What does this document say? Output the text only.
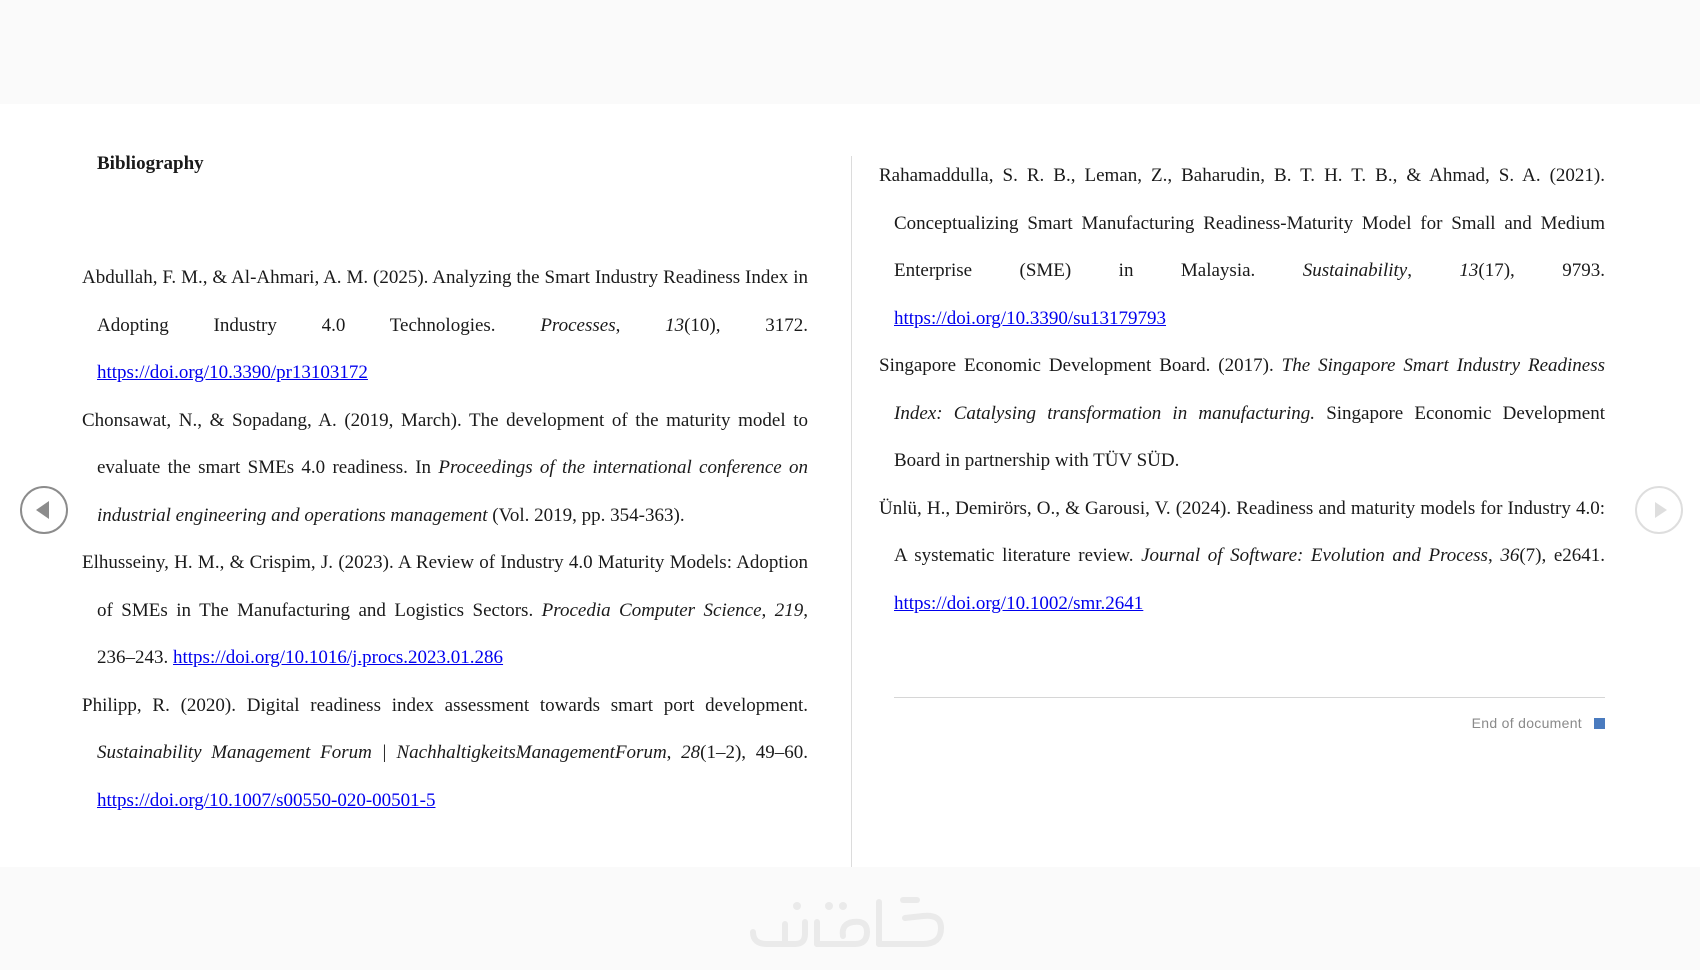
Bibliography

Abdullah, F. M., & Al-Ahmari, A. M. (2025). Analyzing the Smart Industry Readiness Index in Adopting Industry 4.0 Technologies. Processes, 13(10), 3172. https://doi.org/10.3390/pr13103172

Chonsawat, N., & Sopadang, A. (2019, March). The development of the maturity model to evaluate the smart SMEs 4.0 readiness. In Proceedings of the international conference on industrial engineering and operations management (Vol. 2019, pp. 354-363).

Elhusseiny, H. M., & Crispim, J. (2023). A Review of Industry 4.0 Maturity Models: Adoption of SMEs in The Manufacturing and Logistics Sectors. Procedia Computer Science, 219, 236–243. https://doi.org/10.1016/j.procs.2023.01.286

Philipp, R. (2020). Digital readiness index assessment towards smart port development. Sustainability Management Forum | NachhaltigkeitsManagementForum, 28(1–2), 49–60. https://doi.org/10.1007/s00550-020-00501-5

Rahamaddulla, S. R. B., Leman, Z., Baharudin, B. T. H. T. B., & Ahmad, S. A. (2021). Conceptualizing Smart Manufacturing Readiness-Maturity Model for Small and Medium Enterprise (SME) in Malaysia. Sustainability, 13(17), 9793. https://doi.org/10.3390/su13179793

Singapore Economic Development Board. (2017). The Singapore Smart Industry Readiness Index: Catalysing transformation in manufacturing. Singapore Economic Development Board in partnership with TÜV SÜD.

Ünlü, H., Demirörs, O., & Garousi, V. (2024). Readiness and maturity models for Industry 4.0: A systematic literature review. Journal of Software: Evolution and Process, 36(7), e2641. https://doi.org/10.1002/smr.2641

End of document
